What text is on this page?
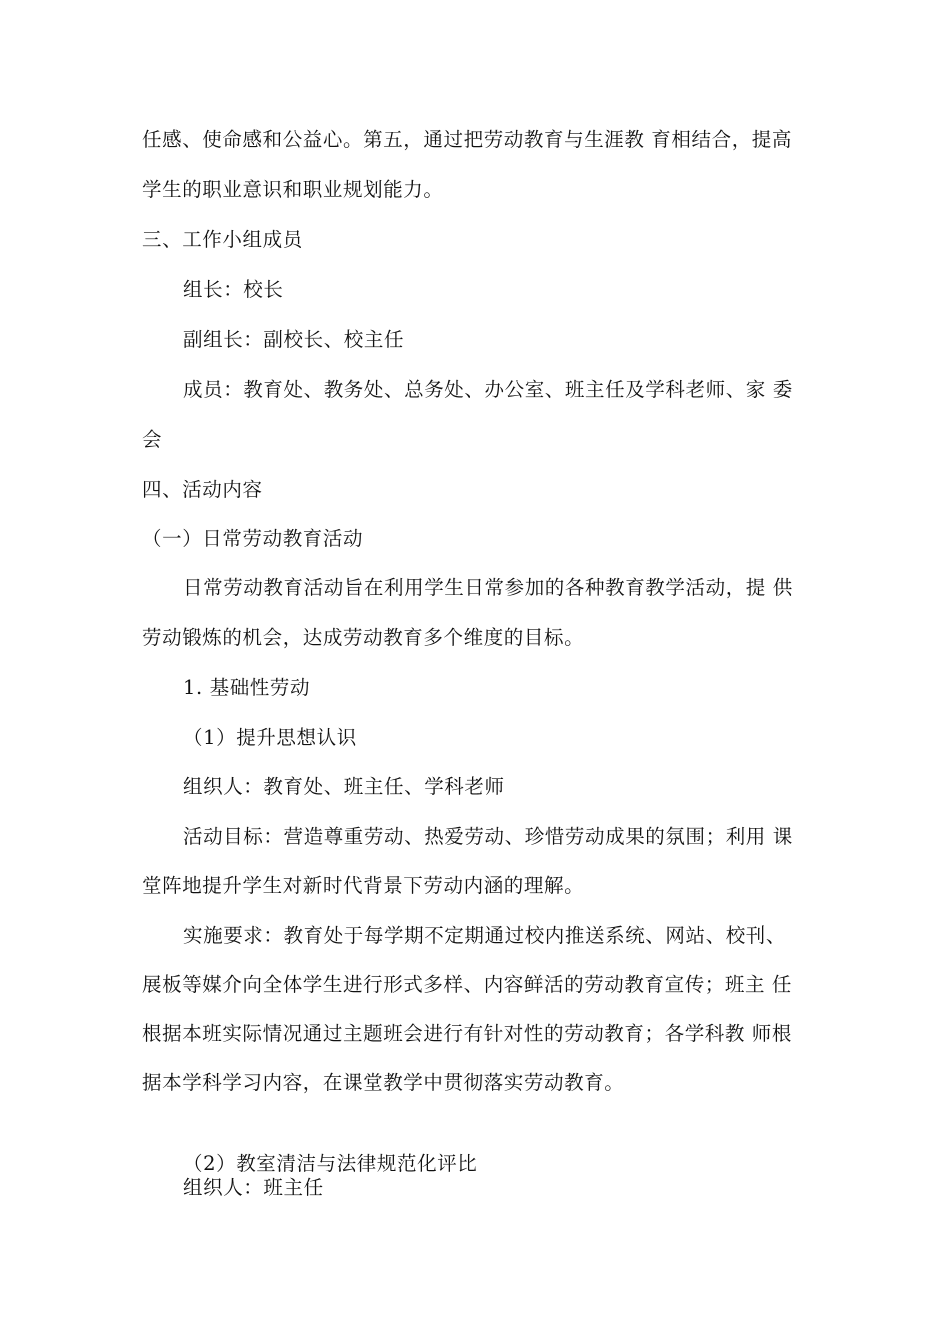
任感、使命感和公益心。第五，通过把劳动教育与生涯教 育相结合，提高
学生的职业意识和职业规划能力。
三、工作小组成员
组长：校长
副组长：副校长、校主任
成员：教育处、教务处、总务处、办公室、班主任及学科老师、家 委
会
四、活动内容
（一）日常劳动教育活动
日常劳动教育活动旨在利用学生日常参加的各种教育教学活动，提 供
劳动锻炼的机会，达成劳动教育多个维度的目标。
1. 基础性劳动
（1）提升思想认识
组织人：教育处、班主任、学科老师
活动目标：营造尊重劳动、热爱劳动、珍惜劳动成果的氛围；利用 课
堂阵地提升学生对新时代背景下劳动内涵的理解。
实施要求：教育处于每学期不定期通过校内推送系统、网站、校刊、
展板等媒介向全体学生进行形式多样、内容鲜活的劳动教育宣传；班主 任
根据本班实际情况通过主题班会进行有针对性的劳动教育；各学科教 师根
据本学科学习内容，在课堂教学中贯彻落实劳动教育。
（2）教室清洁与法律规范化评比
组织人：班主任
